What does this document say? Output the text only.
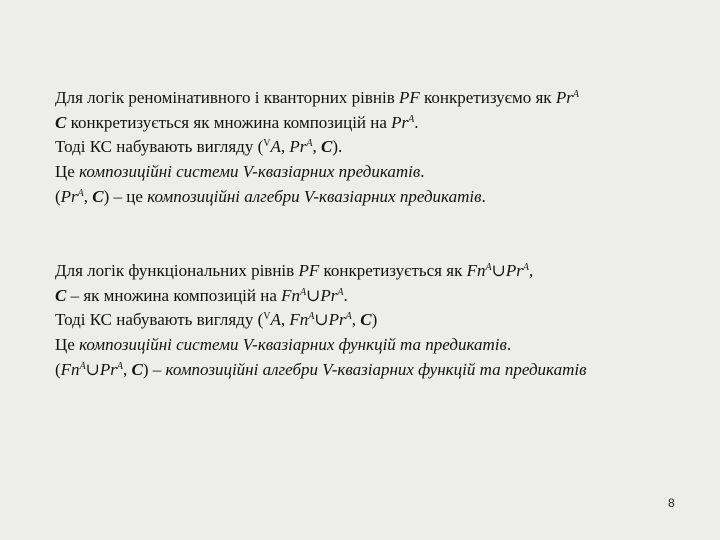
Для логік реномінативного і кванторних рівнів PF конкретизуємо як $Pr^A$
C конкретизується як множина композицій на $Pr^A$.
Тоді КС набувають вигляду ($^V$A, $Pr^A$, C).
Це композиційні системи V-квазіарних предикатів.
($Pr^A$, C) – це композиційні алгебри V-квазіарних предикатів.
Для логік функціональних рівнів PF конкретизується як $Fn^A\cup Pr^A$,
C – як множина композицій на $Fn^A\cup Pr^A$.
Тоді КС набувають вигляду ($^V$A, $Fn^A\cup Pr^A$, C)
Це композиційні системи V-квазіарних функцій та предикатів.
($Fn^A\cup Pr^A$, C) – композиційні алгебри V-квазіарних функцій та предикатів
8
